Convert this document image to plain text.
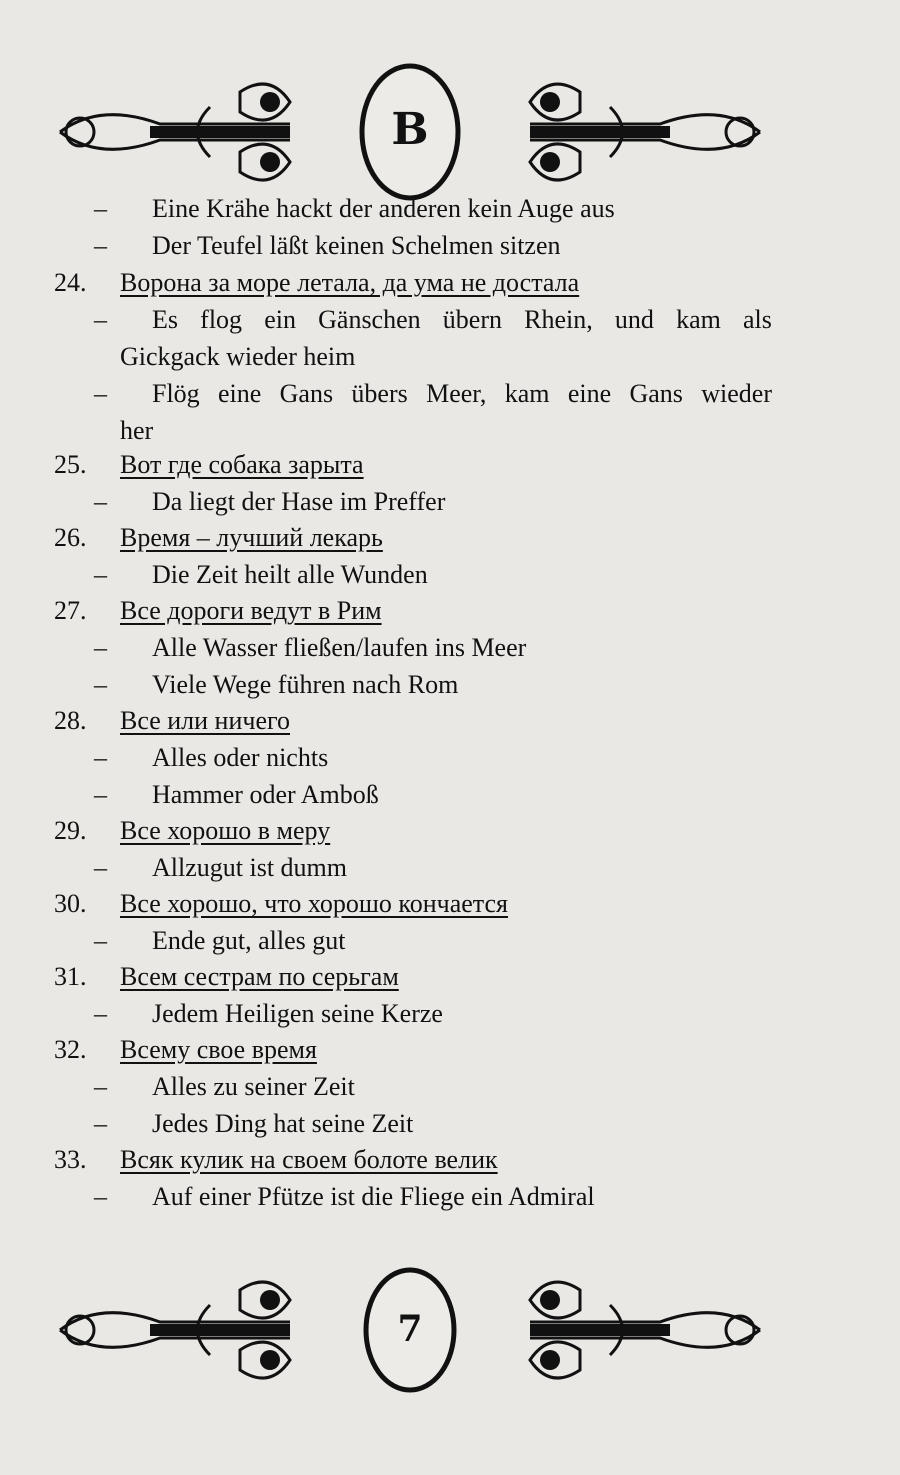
В
– Eine Krähe hackt der anderen kein Auge aus
– Der Teufel läßt keinen Schelmen sitzen
24. Ворона за море летала, да ума не достала
– Es flog ein Gänschen übern Rhein, und kam als
Gickgack wieder heim
– Flög eine Gans übers Meer, kam eine Gans wieder
her
25. Вот где собака зарыта
– Da liegt der Hase im Preffer
26. Время – лучший лекарь
– Die Zeit heilt alle Wunden
27. Все дороги ведут в Рим
– Alle Wasser fließen/laufen ins Meer
– Viele Wege führen nach Rom
28. Все или ничего
– Alles oder nichts
– Hammer oder Amboß
29. Все хорошо в меру
– Allzugut ist dumm
30. Все хорошо, что хорошо кончается
– Ende gut, alles gut
31. Всем сестрам по серьгам
– Jedem Heiligen seine Kerze
32. Всему свое время
– Alles zu seiner Zeit
– Jedes Ding hat seine Zeit
33. Всяк кулик на своем болоте велик
– Auf einer Pfütze ist die Fliege ein Admiral
7
